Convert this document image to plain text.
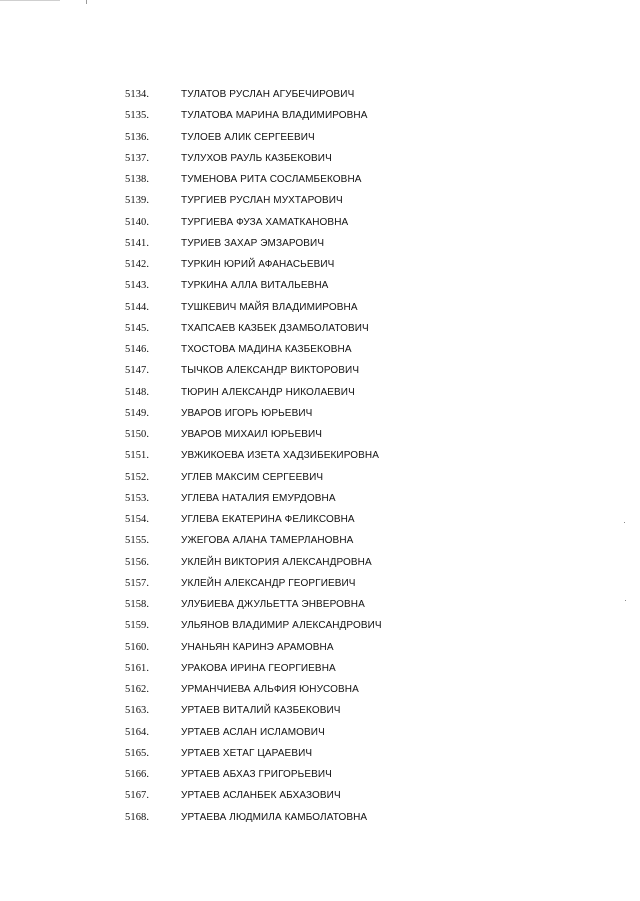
5134.	ТУЛАТОВ РУСЛАН АГУБЕЧИРОВИЧ
5135.	ТУЛАТОВА МАРИНА ВЛАДИМИРОВНА
5136.	ТУЛОЕВ АЛИК СЕРГЕЕВИЧ
5137.	ТУЛУХОВ РАУЛЬ КАЗБЕКОВИЧ
5138.	ТУМЕНОВА РИТА СОСЛАМБЕКОВНА
5139.	ТУРГИЕВ РУСЛАН МУХТАРОВИЧ
5140.	ТУРГИЕВА ФУЗА ХАМАТКАНОВНА
5141.	ТУРИЕВ ЗАХАР ЭМЗАРОВИЧ
5142.	ТУРКИН ЮРИЙ АФАНАСЬЕВИЧ
5143.	ТУРКИНА АЛЛА ВИТАЛЬЕВНА
5144.	ТУШКЕВИЧ МАЙЯ ВЛАДИМИРОВНА
5145.	ТХАПСАЕВ КАЗБЕК ДЗАМБОЛАТОВИЧ
5146.	ТХОСТОВА МАДИНА КАЗБЕКОВНА
5147.	ТЫЧКОВ АЛЕКСАНДР ВИКТОРОВИЧ
5148.	ТЮРИН АЛЕКСАНДР НИКОЛАЕВИЧ
5149.	УВАРОВ ИГОРЬ ЮРЬЕВИЧ
5150.	УВАРОВ МИХАИЛ ЮРЬЕВИЧ
5151.	УВЖИКОЕВА ИЗЕТА ХАДЗИБЕКИРОВНА
5152.	УГЛЕВ МАКСИМ СЕРГЕЕВИЧ
5153.	УГЛЕВА НАТАЛИЯ ЕМУРДОВНА
5154.	УГЛЕВА ЕКАТЕРИНА ФЕЛИКСОВНА
5155.	УЖЕГОВА АЛАНА ТАМЕРЛАНОВНА
5156.	УКЛЕЙН ВИКТОРИЯ АЛЕКСАНДРОВНА
5157.	УКЛЕЙН АЛЕКСАНДР ГЕОРГИЕВИЧ
5158.	УЛУБИЕВА ДЖУЛЬЕТТА ЭНВЕРОВНА
5159.	УЛЬЯНОВ ВЛАДИМИР АЛЕКСАНДРОВИЧ
5160.	УНАНЬЯН КАРИНЭ АРАМОВНА
5161.	УРАКОВА ИРИНА ГЕОРГИЕВНА
5162.	УРМАНЧИЕВА АЛЬФИЯ ЮНУСОВНА
5163.	УРТАЕВ ВИТАЛИЙ КАЗБЕКОВИЧ
5164.	УРТАЕВ АСЛАН ИСЛАМОВИЧ
5165.	УРТАЕВ ХЕТАГ ЦАРАЕВИЧ
5166.	УРТАЕВ АБХАЗ ГРИГОРЬЕВИЧ
5167.	УРТАЕВ АСЛАНБЕК АБХАЗОВИЧ
5168.	УРТАЕВА ЛЮДМИЛА КАМБОЛАТОВНА
